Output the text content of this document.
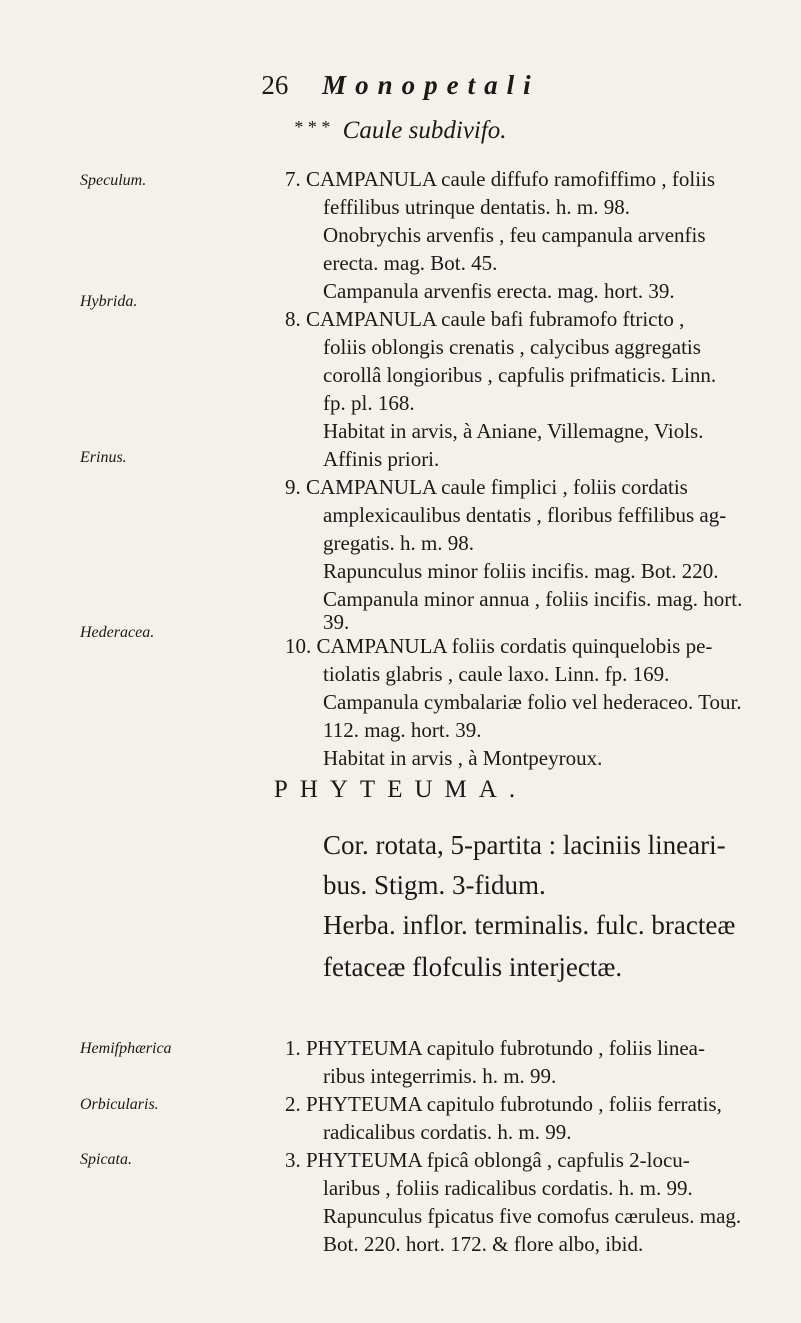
26 Monopetali
* * * Caule subdivifo.
Speculum.
Hybrida.
Erinus.
Hederacea.
Hemifphærica
Orbicularis.
Spicata.
7. CAMPANULA caule diffufo ramofiffimo , foliis
feffilibus utrinque dentatis. h. m. 98.
Onobrychis arvenfis , feu campanula arvenfis
erecta. mag. Bot. 45.
Campanula arvenfis erecta. mag. hort. 39.
8. CAMPANULA caule bafi fubramofo ftricto ,
foliis oblongis crenatis , calycibus aggregatis
corollâ longioribus , capfulis prifmaticis. Linn.
fp. pl. 168.
Habitat in arvis, à Aniane, Villemagne, Viols.
Affinis priori.
9. CAMPANULA caule fimplici , foliis cordatis
amplexicaulibus dentatis , floribus feffilibus ag-
gregatis. h. m. 98.
Rapunculus minor foliis incifis. mag. Bot. 220.
Campanula minor annua , foliis incifis. mag. hort.
39.
10. CAMPANULA foliis cordatis quinquelobis pe-
tiolatis glabris , caule laxo. Linn. fp. 169.
Campanula cymbalariæ folio vel hederaceo. Tour.
112. mag. hort. 39.
Habitat in arvis , à Montpeyroux.
PHYTEUMA.
Cor. rotata, 5-partita : laciniis lineari-
bus. Stigm. 3-fidum.
Herba. inflor. terminalis. fulc. bracteæ
fetaceæ flofculis interjectæ.
1. PHYTEUMA capitulo fubrotundo , foliis linea-
ribus integerrimis. h. m. 99.
2. PHYTEUMA capitulo fubrotundo , foliis ferratis,
radicalibus cordatis. h. m. 99.
3. PHYTEUMA fpicâ oblongâ , capfulis 2-locu-
laribus , foliis radicalibus cordatis. h. m. 99.
Rapunculus fpicatus five comofus cæruleus. mag.
Bot. 220. hort. 172. & flore albo, ibid.
